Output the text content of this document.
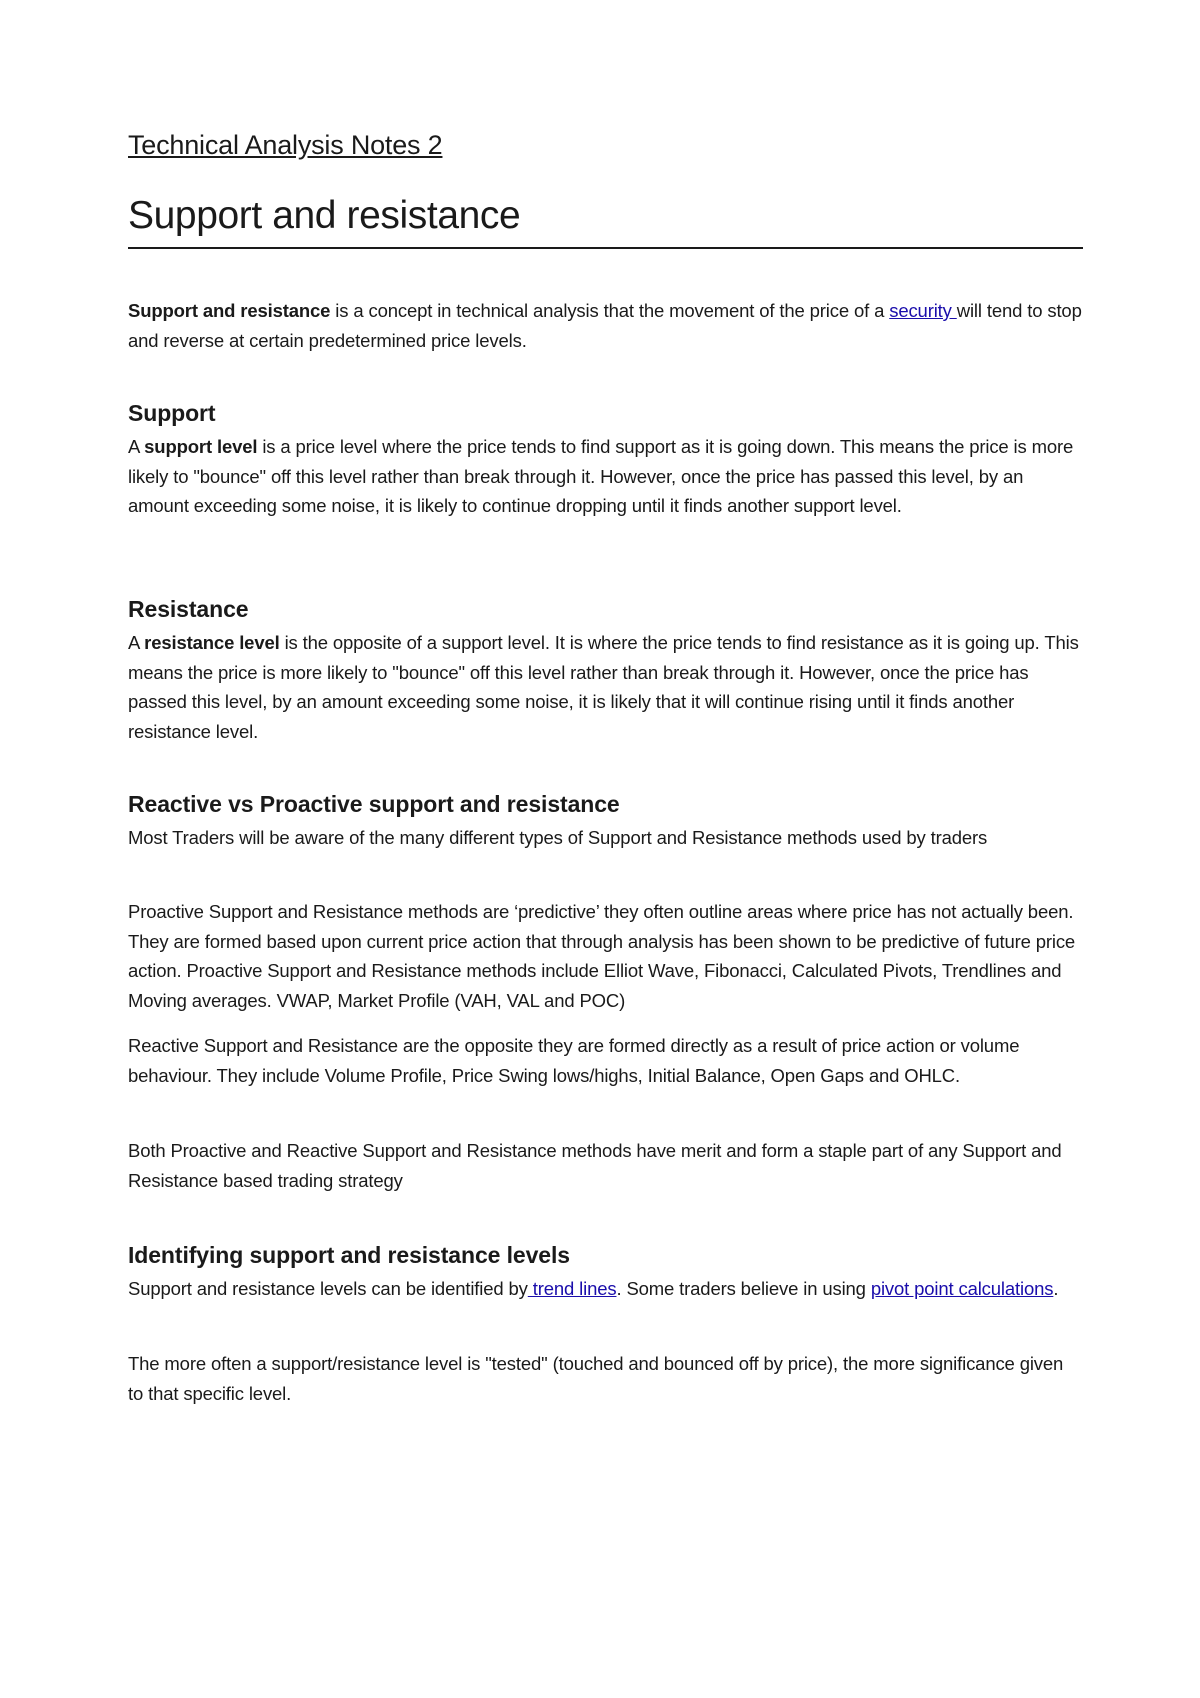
Technical Analysis Notes 2
Support and resistance

Support and resistance is a concept in technical analysis that the movement of the price of a security will tend to stop and reverse at certain predetermined price levels.

Support

A support level is a price level where the price tends to find support as it is going down. This means the price is more likely to "bounce" off this level rather than break through it. However, once the price has passed this level, by an amount exceeding some noise, it is likely to continue dropping until it finds another support level.

Resistance

A resistance level is the opposite of a support level. It is where the price tends to find resistance as it is going up. This means the price is more likely to "bounce" off this level rather than break through it. However, once the price has passed this level, by an amount exceeding some noise, it is likely that it will continue rising until it finds another resistance level.

Reactive vs Proactive support and resistance

Most Traders will be aware of the many different types of Support and Resistance methods used by traders

Proactive Support and Resistance methods are ‘predictive’ they often outline areas where price has not actually been. They are formed based upon current price action that through analysis has been shown to be predictive of future price action. Proactive Support and Resistance methods include Elliot Wave, Fibonacci, Calculated Pivots, Trendlines and Moving averages. VWAP, Market Profile (VAH, VAL and POC)

Reactive Support and Resistance are the opposite they are formed directly as a result of price action or volume behaviour. They include Volume Profile, Price Swing lows/highs, Initial Balance, Open Gaps and OHLC.

Both Proactive and Reactive Support and Resistance methods have merit and form a staple part of any Support and Resistance based trading strategy

Identifying support and resistance levels

Support and resistance levels can be identified by trend lines. Some traders believe in using pivot point calculations.

The more often a support/resistance level is "tested" (touched and bounced off by price), the more significance given to that specific level.
